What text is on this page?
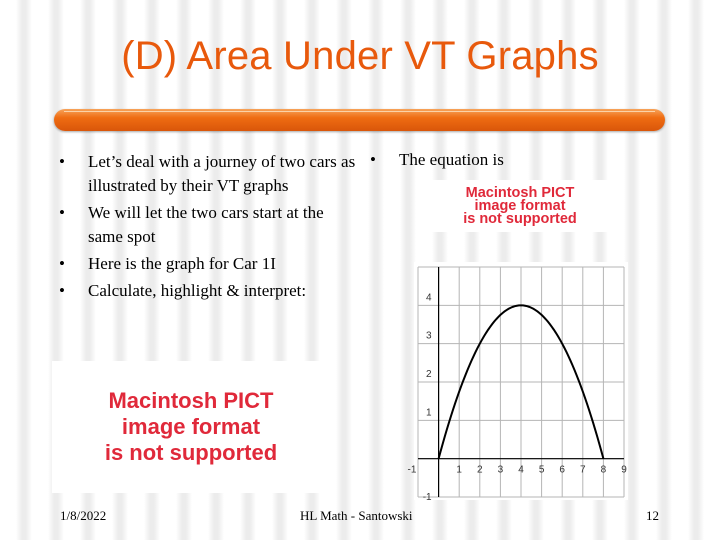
(D) Area Under VT Graphs
• Let’s deal with a journey of two cars as illustrated by their VT graphs
• We will let the two cars start at the same spot
• Here is the graph for Car 1I
• Calculate, highlight & interpret:
• The equation is
Macintosh PICT
image format
is not supported
Macintosh PICT
image format
is not supported
-1	1 2 3 4 5 6 7 8 9
-1
1
2
3
4
1/8/2022	HL Math - Santowski	12
